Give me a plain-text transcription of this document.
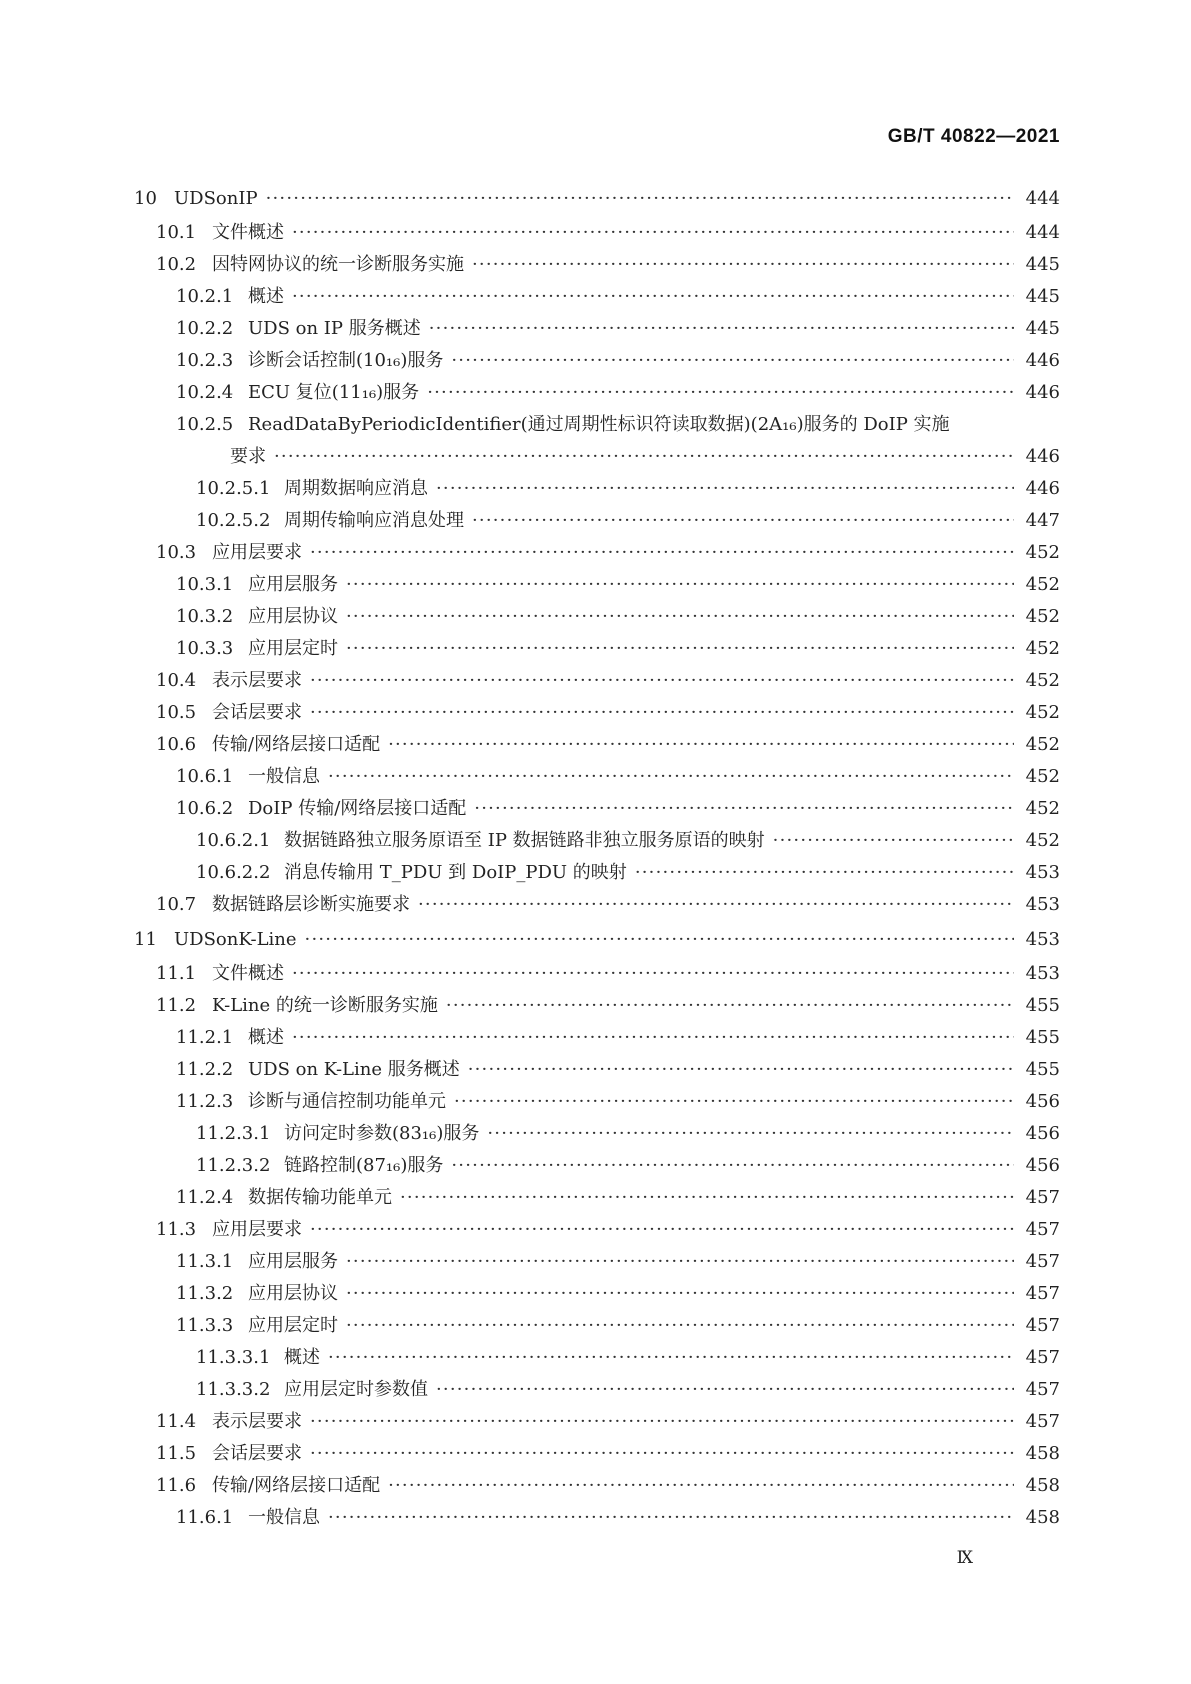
GB/T 40822—2021
10 UDSonIP ·····	444
10.1 文件概述 ·····	444
10.2 因特网协议的统一诊断服务实施 ·····	445
10.2.1 概述 ·····	445
10.2.2 UDS on IP 服务概述 ·····	445
10.2.3 诊断会话控制(10₁₆)服务 ·····	446
10.2.4 ECU 复位(11₁₆)服务 ·····	446
10.2.5 ReadDataByPeriodicIdentifier(通过周期性标识符读取数据)(2A₁₆)服务的 DoIP 实施
要求 ·····	446
10.2.5.1 周期数据响应消息 ·····	446
10.2.5.2 周期传输响应消息处理 ·····	447
10.3 应用层要求 ·····	452
10.3.1 应用层服务 ·····	452
10.3.2 应用层协议 ·····	452
10.3.3 应用层定时 ·····	452
10.4 表示层要求 ·····	452
10.5 会话层要求 ·····	452
10.6 传输/网络层接口适配 ·····	452
10.6.1 一般信息 ·····	452
10.6.2 DoIP 传输/网络层接口适配 ·····	452
10.6.2.1 数据链路独立服务原语至 IP 数据链路非独立服务原语的映射 ·····	452
10.6.2.2 消息传输用 T_PDU 到 DoIP_PDU 的映射 ·····	453
10.7 数据链路层诊断实施要求 ·····	453
11 UDSonK-Line ·····	453
11.1 文件概述 ·····	453
11.2 K-Line 的统一诊断服务实施 ·····	455
11.2.1 概述 ·····	455
11.2.2 UDS on K-Line 服务概述 ·····	455
11.2.3 诊断与通信控制功能单元 ·····	456
11.2.3.1 访问定时参数(83₁₆)服务 ·····	456
11.2.3.2 链路控制(87₁₆)服务 ·····	456
11.2.4 数据传输功能单元 ·····	457
11.3 应用层要求 ·····	457
11.3.1 应用层服务 ·····	457
11.3.2 应用层协议 ·····	457
11.3.3 应用层定时 ·····	457
11.3.3.1 概述 ·····	457
11.3.3.2 应用层定时参数值 ·····	457
11.4 表示层要求 ·····	457
11.5 会话层要求 ·····	458
11.6 传输/网络层接口适配 ·····	458
11.6.1 一般信息 ·····	458
Ⅸ
